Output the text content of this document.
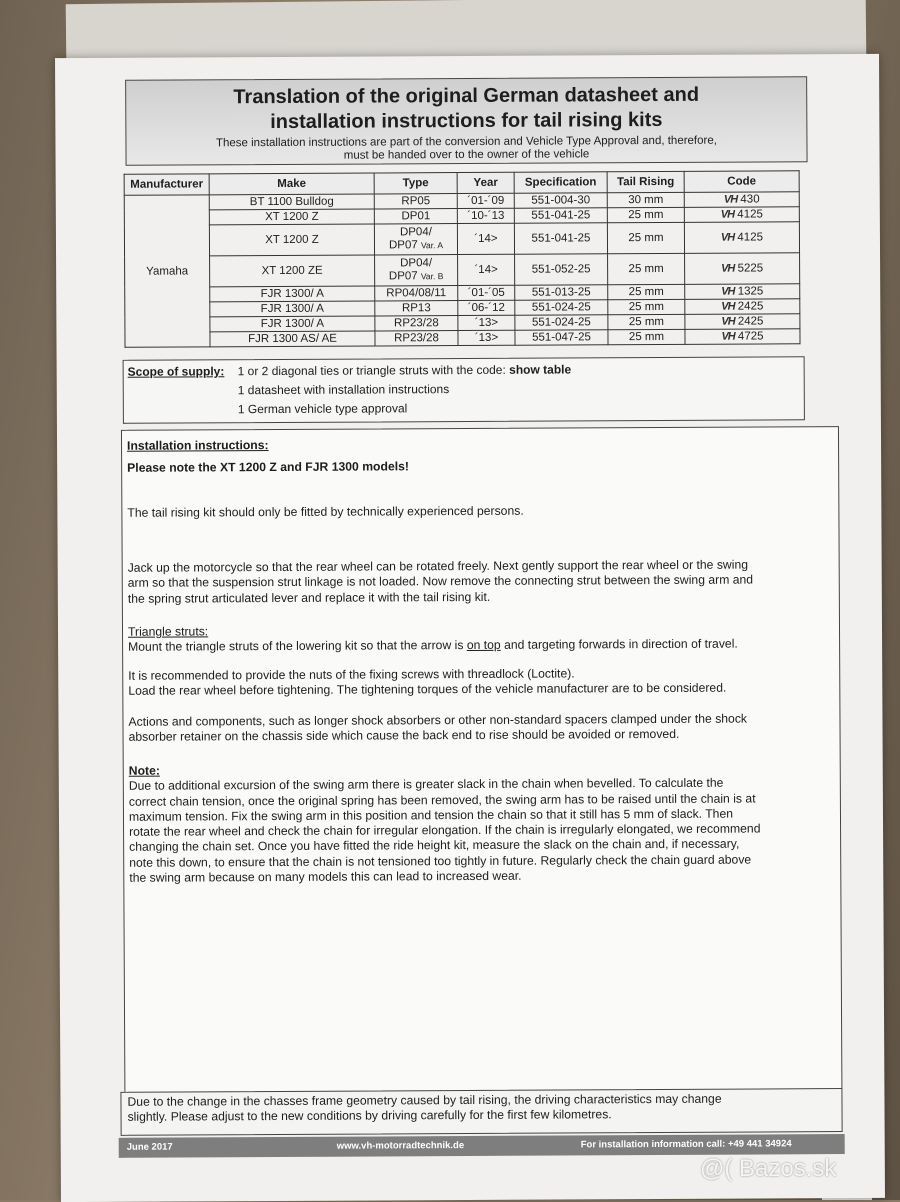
Translation of the original German datasheet and
installation instructions for tail rising kits
These installation instructions are part of the conversion and Vehicle Type Approval and, therefore,
must be handed over to the owner of the vehicle
Manufacturer	Make	Type	Year	Specification	Tail Rising	Code
Yamaha	BT 1100 Bulldog	RP05	´01-´09	551-004-30	30 mm	VH 430
	XT 1200 Z	DP01	´10-´13	551-041-25	25 mm	VH 4125
	XT 1200 Z	DP04/
DP07 Var. A	´14>	551-041-25	25 mm	VH 4125
	XT 1200 ZE	DP04/
DP07 Var. B	´14>	551-052-25	25 mm	VH 5225
	FJR 1300/ A	RP04/08/11	´01-´05	551-013-25	25 mm	VH 1325
	FJR 1300/ A	RP13	´06-´12	551-024-25	25 mm	VH 2425
	FJR 1300/ A	RP23/28	´13>	551-024-25	25 mm	VH 2425
	FJR 1300 AS/ AE	RP23/28	´13>	551-047-25	25 mm	VH 4725
Scope of supply: 1 or 2 diagonal ties or triangle struts with the code: show table
1 datasheet with installation instructions
1 German vehicle type approval
Installation instructions:
Please note the XT 1200 Z and FJR 1300 models!
The tail rising kit should only be fitted by technically experienced persons.
Jack up the motorcycle so that the rear wheel can be rotated freely. Next gently support the rear wheel or the swing
arm so that the suspension strut linkage is not loaded. Now remove the connecting strut between the swing arm and
the spring strut articulated lever and replace it with the tail rising kit.
Triangle struts:
Mount the triangle struts of the lowering kit so that the arrow is on top and targeting forwards in direction of travel.
It is recommended to provide the nuts of the fixing screws with threadlock (Loctite).
Load the rear wheel before tightening. The tightening torques of the vehicle manufacturer are to be considered.
Actions and components, such as longer shock absorbers or other non-standard spacers clamped under the shock
absorber retainer on the chassis side which cause the back end to rise should be avoided or removed.
Note:
Due to additional excursion of the swing arm there is greater slack in the chain when bevelled. To calculate the
correct chain tension, once the original spring has been removed, the swing arm has to be raised until the chain is at
maximum tension. Fix the swing arm in this position and tension the chain so that it still has 5 mm of slack. Then
rotate the rear wheel and check the chain for irregular elongation. If the chain is irregularly elongated, we recommend
changing the chain set. Once you have fitted the ride height kit, measure the slack on the chain and, if necessary,
note this down, to ensure that the chain is not tensioned too tightly in future. Regularly check the chain guard above
the swing arm because on many models this can lead to increased wear.
Due to the change in the chasses frame geometry caused by tail rising, the driving characteristics may change
slightly. Please adjust to the new conditions by driving carefully for the first few kilometres.
June 2017	www.vh-motorradtechnik.de	For installation information call: +49 441 34924
@( Bazos.sk
